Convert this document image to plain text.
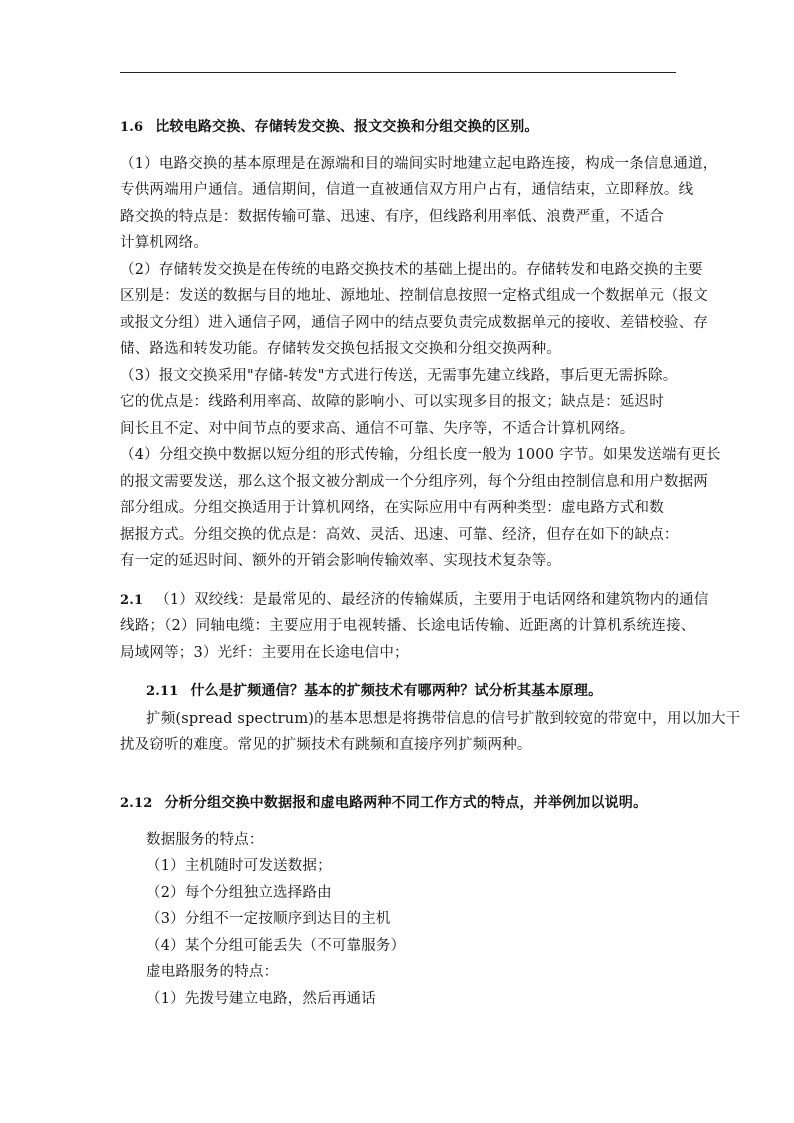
1.6 比较电路交换、存储转发交换、报文交换和分组交换的区别。
（1）电路交换的基本原理是在源端和目的端间实时地建立起电路连接，构成一条信息通道，
专供两端用户通信。通信期间，信道一直被通信双方用户占有，通信结束，立即释放。线
路交换的特点是：数据传输可靠、迅速、有序，但线路利用率低、浪费严重，不适合
计算机网络。
（2）存储转发交换是在传统的电路交换技术的基础上提出的。存储转发和电路交换的主要
区别是：发送的数据与目的地址、源地址、控制信息按照一定格式组成一个数据单元（报文
或报文分组）进入通信子网，通信子网中的结点要负责完成数据单元的接收、差错校验、存
储、路选和转发功能。存储转发交换包括报文交换和分组交换两种。
（3）报文交换采用"存储-转发"方式进行传送，无需事先建立线路，事后更无需拆除。
它的优点是：线路利用率高、故障的影响小、可以实现多目的报文；缺点是：延迟时
间长且不定、对中间节点的要求高、通信不可靠、失序等，不适合计算机网络。
（4）分组交换中数据以短分组的形式传输，分组长度一般为 1000 字节。如果发送端有更长
的报文需要发送，那么这个报文被分割成一个分组序列，每个分组由控制信息和用户数据两
部分组成。分组交换适用于计算机网络，在实际应用中有两种类型：虚电路方式和数
据报方式。分组交换的优点是：高效、灵活、迅速、可靠、经济，但存在如下的缺点：
有一定的延迟时间、额外的开销会影响传输效率、实现技术复杂等。
2.1 （1）双绞线：是最常见的、最经济的传输媒质，主要用于电话网络和建筑物内的通信
线路；（2）同轴电缆：主要应用于电视转播、长途电话传输、近距离的计算机系统连接、
局域网等；3）光纤：主要用在长途电信中；
2.11 什么是扩频通信？基本的扩频技术有哪两种？试分析其基本原理。
扩频(spread spectrum)的基本思想是将携带信息的信号扩散到较宽的带宽中，用以加大干
扰及窃听的难度。常见的扩频技术有跳频和直接序列扩频两种。
2.12 分析分组交换中数据报和虚电路两种不同工作方式的特点，并举例加以说明。
数据服务的特点：
（1）主机随时可发送数据；
（2）每个分组独立选择路由
（3）分组不一定按顺序到达目的主机
（4）某个分组可能丢失（不可靠服务）
虚电路服务的特点：
（1）先拨号建立电路，然后再通话
